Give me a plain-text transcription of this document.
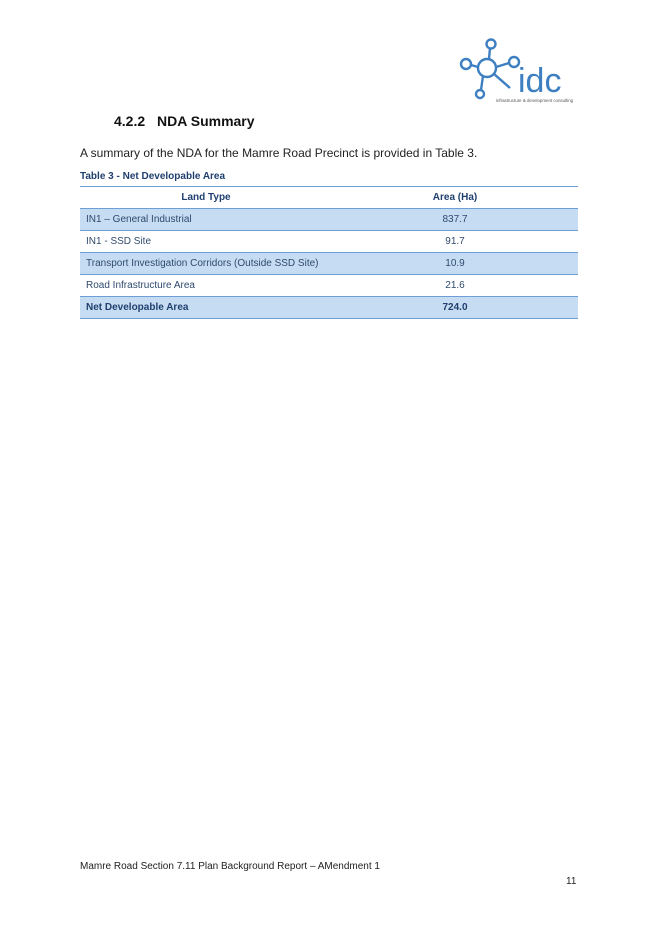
idc
infrastructure & development consulting
4.2.2 NDA Summary
A summary of the NDA for the Mamre Road Precinct is provided in Table 3.
Table 3 - Net Developable Area
Land Type	Area (Ha)
IN1 – General Industrial	837.7
IN1 - SSD Site	91.7
Transport Investigation Corridors (Outside SSD Site)	10.9
Road Infrastructure Area	21.6
Net Developable Area	724.0
Mamre Road Section 7.11 Plan Background Report – AMendment 1
11
